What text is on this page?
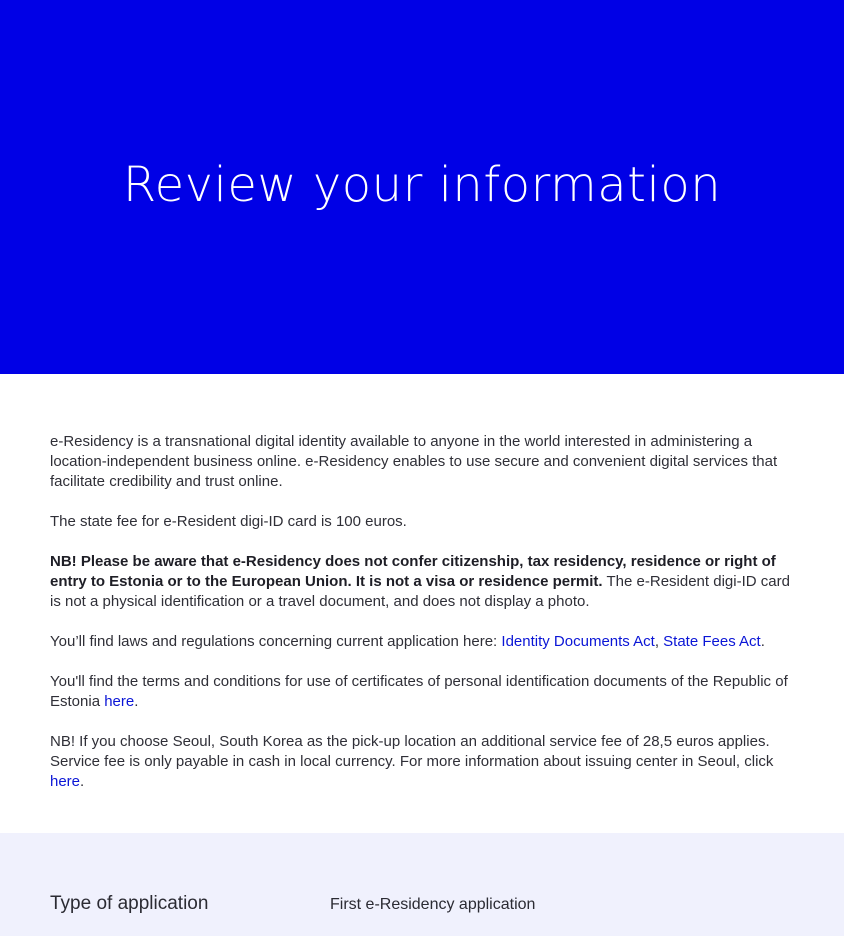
Review your information

e-Residency is a transnational digital identity available to anyone in the world interested in administering a location-independent business online. e-Residency enables to use secure and convenient digital services that facilitate credibility and trust online.

The state fee for e-Resident digi-ID card is 100 euros.

NB! Please be aware that e-Residency does not confer citizenship, tax residency, residence or right of entry to Estonia or to the European Union. It is not a visa or residence permit. The e-Resident digi-ID card is not a physical identification or a travel document, and does not display a photo.

You’ll find laws and regulations concerning current application here: Identity Documents Act, State Fees Act.

You'll find the terms and conditions for use of certificates of personal identification documents of the Republic of Estonia here.

NB! If you choose Seoul, South Korea as the pick-up location an additional service fee of 28,5 euros applies. Service fee is only payable in cash in local currency. For more information about issuing center in Seoul, click here.

Type of application	First e-Residency application
